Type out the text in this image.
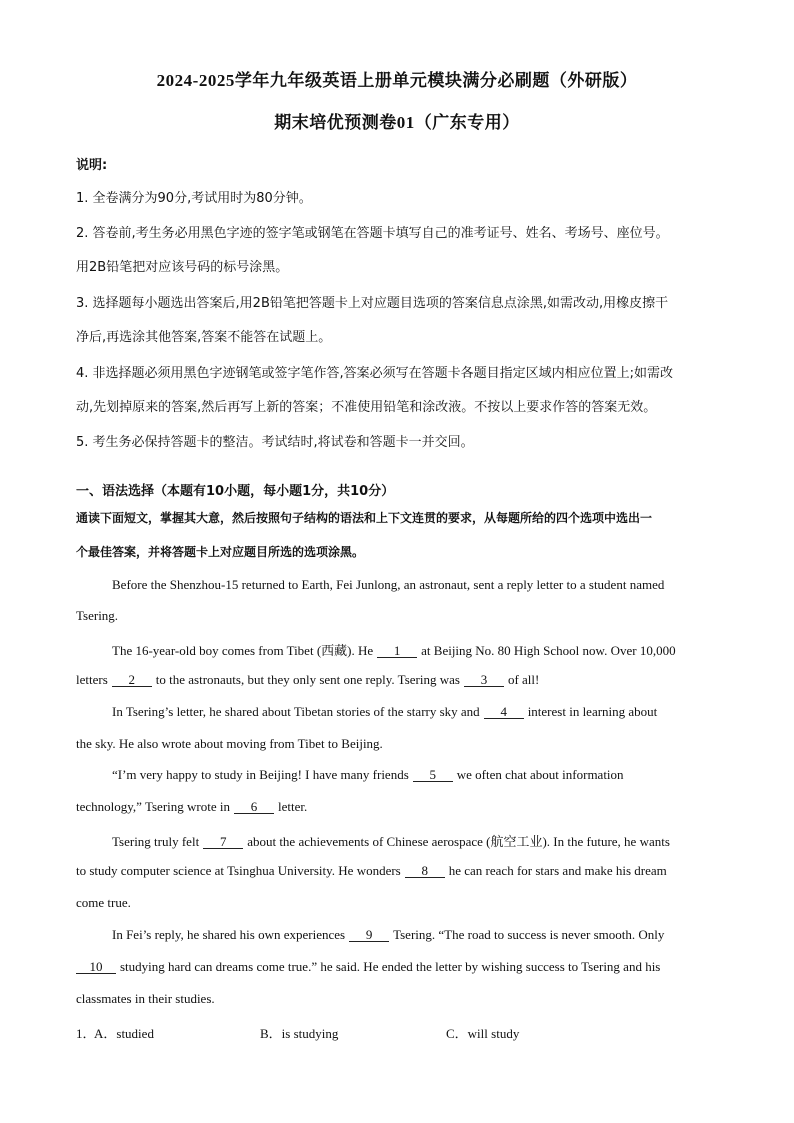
2024-2025学年九年级英语上册单元模块满分必刷题（外研版）
期末培优预测卷01（广东专用）
说明:
1. 全卷满分为90分,考试用时为80分钟。
2. 答卷前,考生务必用黑色字迹的签字笔或钢笔在答题卡填写自己的准考证号、姓名、考场号、座位号。
用2B铅笔把对应该号码的标号涂黑。
3. 选择题每小题选出答案后,用2B铅笔把答题卡上对应题目选项的答案信息点涂黑,如需改动,用橡皮擦干
净后,再选涂其他答案,答案不能答在试题上。
4. 非选择题必须用黑色字迹钢笔或签字笔作答,答案必须写在答题卡各题目指定区域内相应位置上;如需改
动,先划掉原来的答案,然后再写上新的答案；不准使用铅笔和涂改液。不按以上要求作答的答案无效。
5. 考生务必保持答题卡的整洁。考试结时,将试卷和答题卡一并交回。
一、语法选择（本题有10小题，每小题1分，共10分）
通读下面短文，掌握其大意，然后按照句子结构的语法和上下文连贯的要求，从每题所给的四个选项中选出一
个最佳答案，并将答题卡上对应题目所选的选项涂黑。
Before the Shenzhou-15 returned to Earth, Fei Junlong, an astronaut, sent a reply letter to a student named
Tsering.
The 16-year-old boy comes from Tibet (西藏). He 1 at Beijing No. 80 High School now. Over 10,000
letters 2 to the astronauts, but they only sent one reply. Tsering was 3 of all!
In Tsering’s letter, he shared about Tibetan stories of the starry sky and 4 interest in learning about
the sky. He also wrote about moving from Tibet to Beijing.
“I’m very happy to study in Beijing! I have many friends 5 we often chat about information
technology,” Tsering wrote in 6 letter.
Tsering truly felt 7 about the achievements of Chinese aerospace (航空工业). In the future, he wants
to study computer science at Tsinghua University. He wonders 8 he can reach for stars and make his dream
come true.
In Fei’s reply, he shared his own experiences 9 Tsering. “The road to success is never smooth. Only
10 studying hard can dreams come true.” he said. He ended the letter by wishing success to Tsering and his
classmates in their studies.
1．
A．studied	B．is studying	C．will study
